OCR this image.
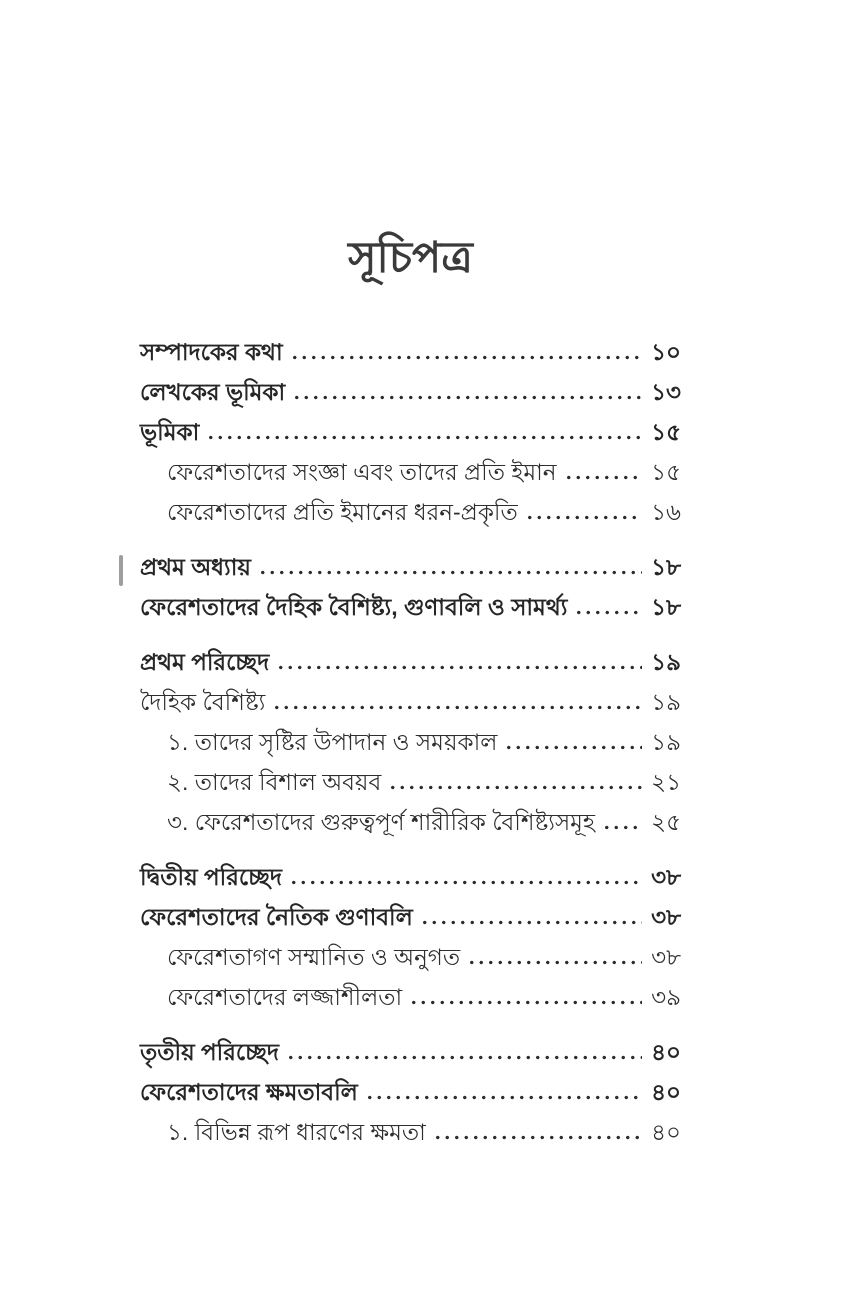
সূচিপত্র
সম্পাদকের কথা	১০
লেখকের ভূমিকা	১৩
ভূমিকা	১৫
ফেরেশতাদের সংজ্ঞা এবং তাদের প্রতি ইমান	১৫
ফেরেশতাদের প্রতি ইমানের ধরন-প্রকৃতি	১৬
প্রথম অধ্যায়	১৮
ফেরেশতাদের দৈহিক বৈশিষ্ট্য, গুণাবলি ও সামর্থ্য	১৮
প্রথম পরিচ্ছেদ	১৯
দৈহিক বৈশিষ্ট্য	১৯
১. তাদের সৃষ্টির উপাদান ও সময়কাল	১৯
২. তাদের বিশাল অবয়ব	২১
৩. ফেরেশতাদের গুরুত্বপূর্ণ শারীরিক বৈশিষ্ট্যসমূহ ২৫
দ্বিতীয় পরিচ্ছেদ	৩৮
ফেরেশতাদের নৈতিক গুণাবলি	৩৮
ফেরেশতাগণ সম্মানিত ও অনুগত	৩৮
ফেরেশতাদের লজ্জাশীলতা	৩৯
তৃতীয় পরিচ্ছেদ	৪০
ফেরেশতাদের ক্ষমতাবলি	৪০
১. বিভিন্ন রূপ ধারণের ক্ষমতা	৪০
